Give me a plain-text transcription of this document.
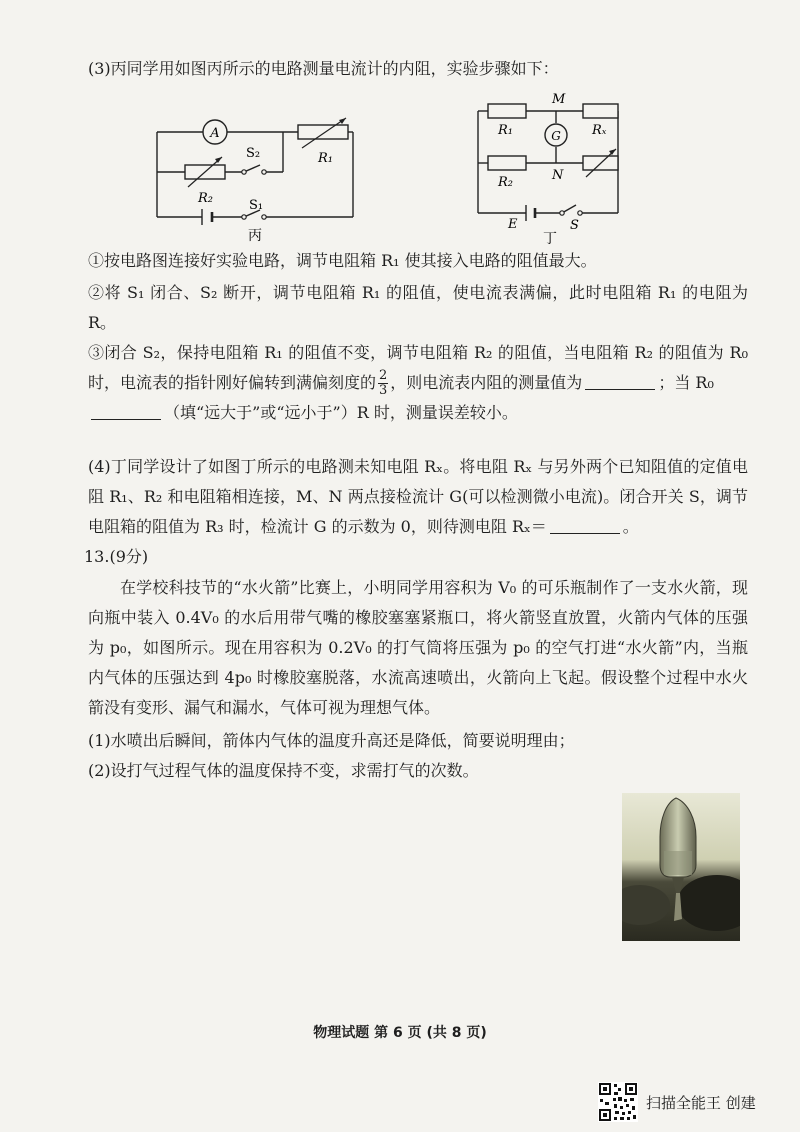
(3)丙同学用如图丙所示的电路测量电流计的内阻，实验步骤如下：
A
R₁
R₂
S₂
S₁
丙
G
M
N
R₁	Rₓ
R₂
E	S
丁
①按电路图连接好实验电路，调节电阻箱 R₁ 使其接入电路的阻值最大。
②将 S₁ 闭合、S₂ 断开，调节电阻箱 R₁ 的阻值，使电流表满偏，此时电阻箱 R₁ 的电阻为 R。
③闭合 S₂，保持电阻箱 R₁ 的阻值不变，调节电阻箱 R₂ 的阻值，当电阻箱 R₂ 的阻值为 R₀ 时，电流表的指针刚好偏转到满偏刻度的 $\frac{2}{3}$ ，则电流表内阻的测量值为	；当 R₀
（填“远大于”或“远小于”）R 时，测量误差较小。
(4)丁同学设计了如图丁所示的电路测未知电阻 Rₓ。将电阻 Rₓ 与另外两个已知阻值的定值电阻 R₁、R₂ 和电阻箱相连接，M、N 两点接检流计 G(可以检测微小电流)。闭合开关 S，调节电阻箱的阻值为 R₃ 时，检流计 G 的示数为 0，则待测电阻 Rₓ＝	。
13.(9分)
在学校科技节的“水火箭”比赛上，小明同学用容积为 V₀ 的可乐瓶制作了一支水火箭，现向瓶中装入 0.4V₀ 的水后用带气嘴的橡胶塞塞紧瓶口，将火箭竖直放置，火箭内气体的压强为 p₀，如图所示。现在用容积为 0.2V₀ 的打气筒将压强为 p₀ 的空气打进“水火箭”内，当瓶内气体的压强达到 4p₀ 时橡胶塞脱落，水流高速喷出，火箭向上飞起。假设整个过程中水火箭没有变形、漏气和漏水，气体可视为理想气体。
(1)水喷出后瞬间，箭体内气体的温度升高还是降低，简要说明理由；
(2)设打气过程气体的温度保持不变，求需打气的次数。
物理试题 第 6 页 (共 8 页)
扫描全能王 创建
